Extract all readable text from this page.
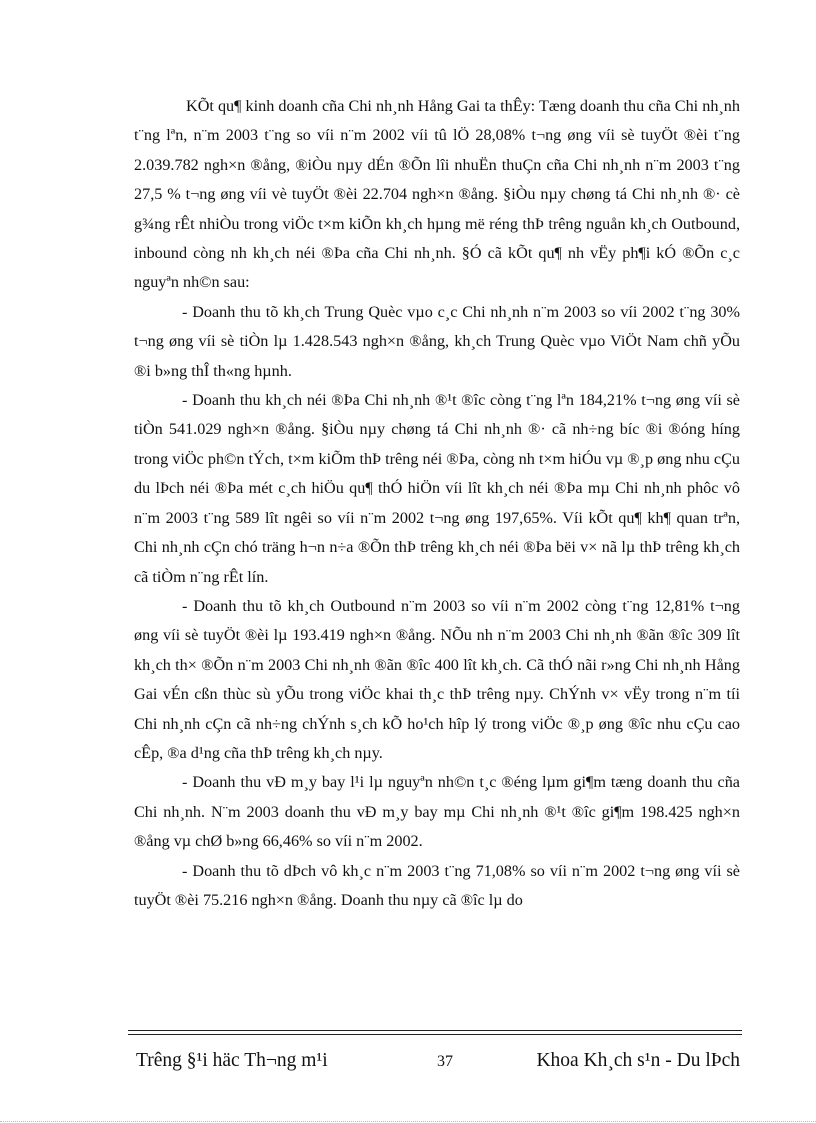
KÕt qu¶ kinh doanh cña Chi nh¸nh Hång Gai ta thÊy: Tæng doanh thu cña Chi nh¸nh t¨ng lªn, n¨m 2003 t¨ng so víi n¨m 2002 víi tû lÖ 28,08% t¬ng øng víi sè tuyÖt ®èi t¨ng 2.039.782 ngh×n ®ång, ®iÒu nµy dÉn ®Õn lîi nhuËn thuÇn cña Chi nh¸nh n¨m 2003 t¨ng 27,5 % t¬ng øng víi vè tuyÖt ®èi 22.704 ngh×n ®ång. §iÒu nµy chøng tá Chi nh¸nh ®· cè g¾ng rÊt nhiÒu trong viÖc t×m kiÕn kh¸ch hµng më réng thÞ trêng nguån kh¸ch Outbound, inbound còng nh kh¸ch néi ®Þa cña Chi nh¸nh. §Ó cã kÕt qu¶ nh vËy ph¶i kÓ ®Õn c¸c nguyªn nh©n sau:

- Doanh thu tõ kh¸ch Trung Quèc vµo c¸c Chi nh¸nh n¨m 2003 so víi 2002 t¨ng 30% t¬ng øng víi sè tiÒn lµ 1.428.543 ngh×n ®ång, kh¸ch Trung Quèc vµo ViÖt Nam chñ yÕu ®i b»ng thÎ th«ng hµnh.

- Doanh thu kh¸ch néi ®Þa Chi nh¸nh ®¹t ®îc còng t¨ng lªn 184,21% t¬ng øng víi sè tiÒn 541.029 ngh×n ®ång. §iÒu nµy chøng tá Chi nh¸nh ®· cã nh÷ng bíc ®i ®óng híng trong viÖc ph©n tÝch, t×m kiÕm thÞ trêng néi ®Þa, còng nh t×m hiÓu vµ ®¸p øng nhu cÇu du lÞch néi ®Þa mét c¸ch hiÖu qu¶ thÓ hiÖn víi lît kh¸ch néi ®Þa mµ Chi nh¸nh phôc vô n¨m 2003 t¨ng 589 lît ngêi so víi n¨m 2002 t¬ng øng 197,65%. Víi kÕt qu¶ kh¶ quan trªn, Chi nh¸nh cÇn chó träng h¬n n÷a ®Õn thÞ trêng kh¸ch néi ®Þa bëi v× nã lµ thÞ trêng kh¸ch cã tiÒm n¨ng rÊt lín.

- Doanh thu tõ kh¸ch Outbound n¨m 2003 so víi n¨m 2002 còng t¨ng 12,81% t¬ng øng víi sè tuyÖt ®èi lµ 193.419 ngh×n ®ång. NÕu nh n¨m 2003 Chi nh¸nh ®ãn ®îc 309 lît kh¸ch th× ®Õn n¨m 2003 Chi nh¸nh ®ãn ®îc 400 lît kh¸ch. Cã thÓ nãi r»ng Chi nh¸nh Hång Gai vÉn cßn thùc sù yÕu trong viÖc khai th¸c thÞ trêng nµy. ChÝnh v× vËy trong n¨m tíi Chi nh¸nh cÇn cã nh÷ng chÝnh s¸ch kÕ ho¹ch hîp lý trong viÖc ®¸p øng ®îc nhu cÇu cao cÊp, ®a d¹ng cña thÞ trêng kh¸ch nµy.

- Doanh thu vÐ m¸y bay l¹i lµ nguyªn nh©n t¸c ®éng lµm gi¶m tæng doanh thu cña Chi nh¸nh. N¨m 2003 doanh thu vÐ m¸y bay mµ Chi nh¸nh ®¹t ®îc gi¶m 198.425 ngh×n ®ång vµ chØ b»ng 66,46% so víi n¨m 2002.

- Doanh thu tõ dÞch vô kh¸c n¨m 2003 t¨ng 71,08% so víi n¨m 2002 t¬ng øng víi sè tuyÖt ®èi 75.216 ngh×n ®ång. Doanh thu nµy cã ®îc lµ do

Trêng §¹i häc Th¬ng m¹i	37	Khoa Kh¸ch s¹n - Du lÞch
